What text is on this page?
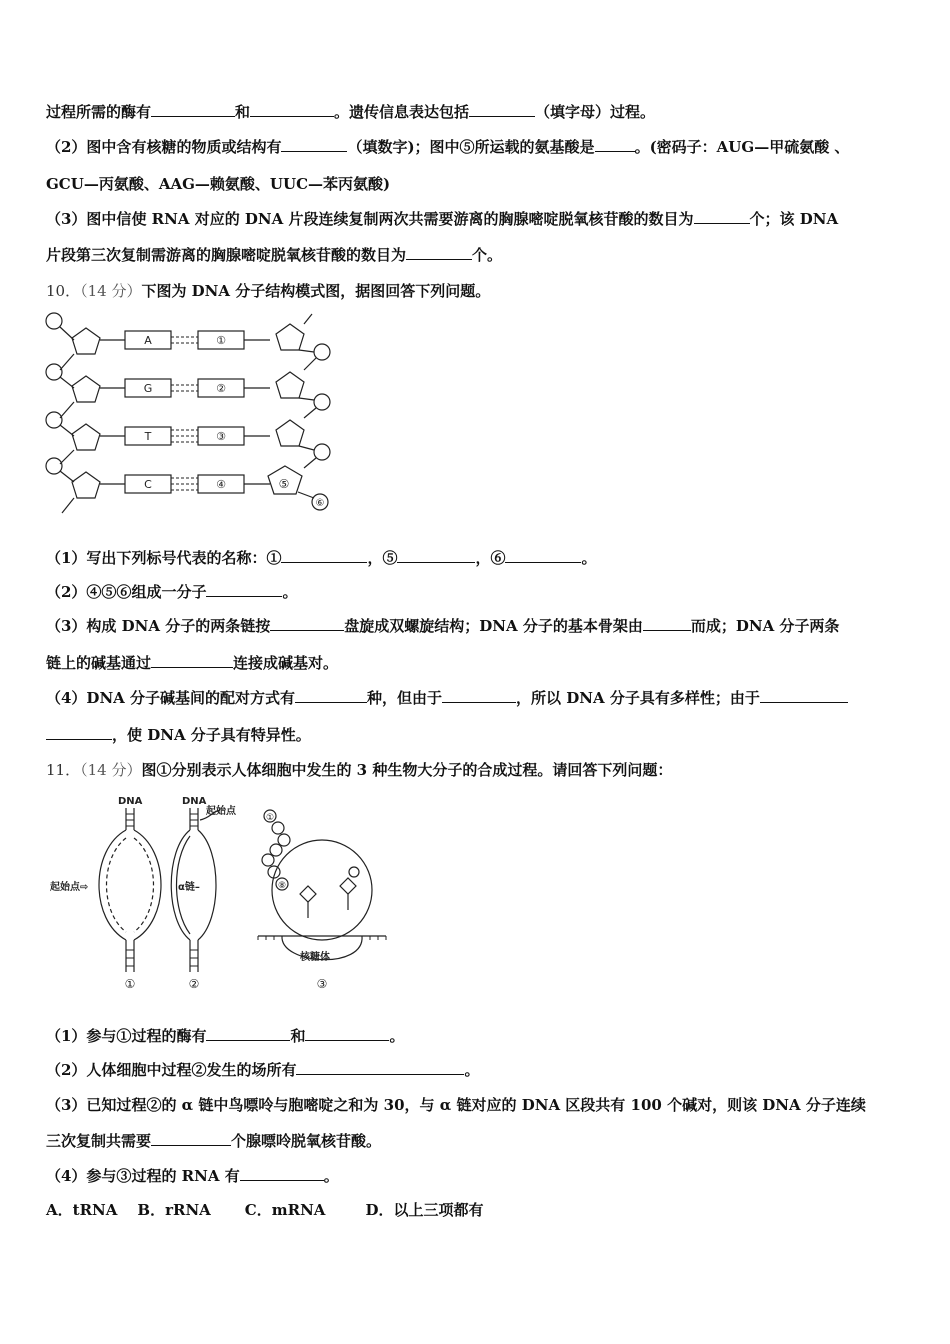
过程所需的酶有	和	。遗传信息表达包括	（填字母）过程。
（2）图中含有核糖的物质或结构有	（填数字)；图中⑤所运载的氨基酸是	。(密码子：AUG—甲硫氨酸 、
GCU—丙氨酸、AAG—赖氨酸、UUC—苯丙氨酸)
（3）图中信使 RNA 对应的 DNA 片段连续复制两次共需要游离的胸腺嘧啶脱氧核苷酸的数目为	个；该 DNA
片段第三次复制需游离的胸腺嘧啶脱氧核苷酸的数目为	个。
10．（14 分）下图为 DNA 分子结构模式图，据图回答下列问题。
A
G
T
C
①
②
③
④	⑤
⑥
（1）写出下列标号代表的名称：①	，⑤	，⑥	。
（2）④⑤⑥组成一分子	。
（3）构成 DNA 分子的两条链按	盘旋成双螺旋结构；DNA 分子的基本骨架由	而成；DNA 分子两条
链上的碱基通过	连接成碱基对。
（4）DNA 分子碱基间的配对方式有	种，但由于	，所以 DNA 分子具有多样性；由于
，使 DNA 分子具有特异性。
11．（14 分）图①分别表示人体细胞中发生的 3 种生物大分子的合成过程。请回答下列问题：
DNA	DNA
起始点⇨
起始点
α链–
核糖体
①	②	③
①
⑧
（1）参与①过程的酶有	和	。
（2）人体细胞中过程②发生的场所有	。
（3）已知过程②的 α 链中鸟嘌呤与胞嘧啶之和为 30，与 α 链对应的 DNA 区段共有 100 个碱对，则该 DNA 分子连续
三次复制共需要	个腺嘌呤脱氧核苷酸。
（4）参与③过程的 RNA 有	。
A．tRNA B．rRNA C．mRNA	D．以上三项都有
